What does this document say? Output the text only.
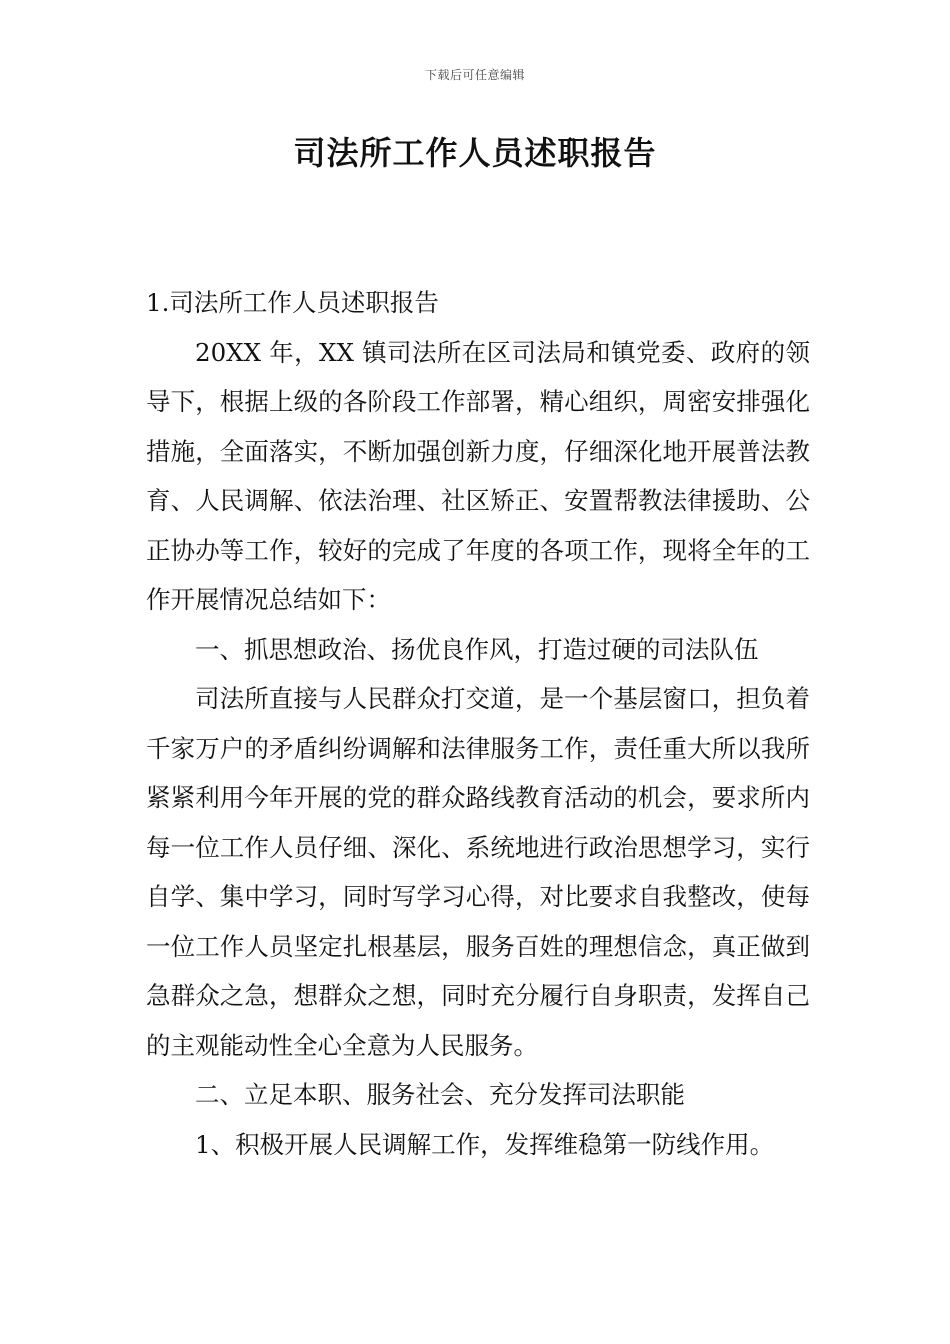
下载后可任意编辑
司法所工作人员述职报告

1.司法所工作人员述职报告

20XX 年，XX 镇司法所在区司法局和镇党委、政府的领导下，根据上级的各阶段工作部署，精心组织，周密安排强化措施，全面落实，不断加强创新力度，仔细深化地开展普法教育、人民调解、依法治理、社区矫正、安置帮教法律援助、公正协办等工作，较好的完成了年度的各项工作，现将全年的工作开展情况总结如下：

一、抓思想政治、扬优良作风，打造过硬的司法队伍

司法所直接与人民群众打交道，是一个基层窗口，担负着千家万户的矛盾纠纷调解和法律服务工作，责任重大所以我所紧紧利用今年开展的党的群众路线教育活动的机会，要求所内每一位工作人员仔细、深化、系统地进行政治思想学习，实行自学、集中学习，同时写学习心得，对比要求自我整改，使每一位工作人员坚定扎根基层，服务百姓的理想信念，真正做到急群众之急，想群众之想，同时充分履行自身职责，发挥自己的主观能动性全心全意为人民服务。

二、立足本职、服务社会、充分发挥司法职能

1、积极开展人民调解工作，发挥维稳第一防线作用。
